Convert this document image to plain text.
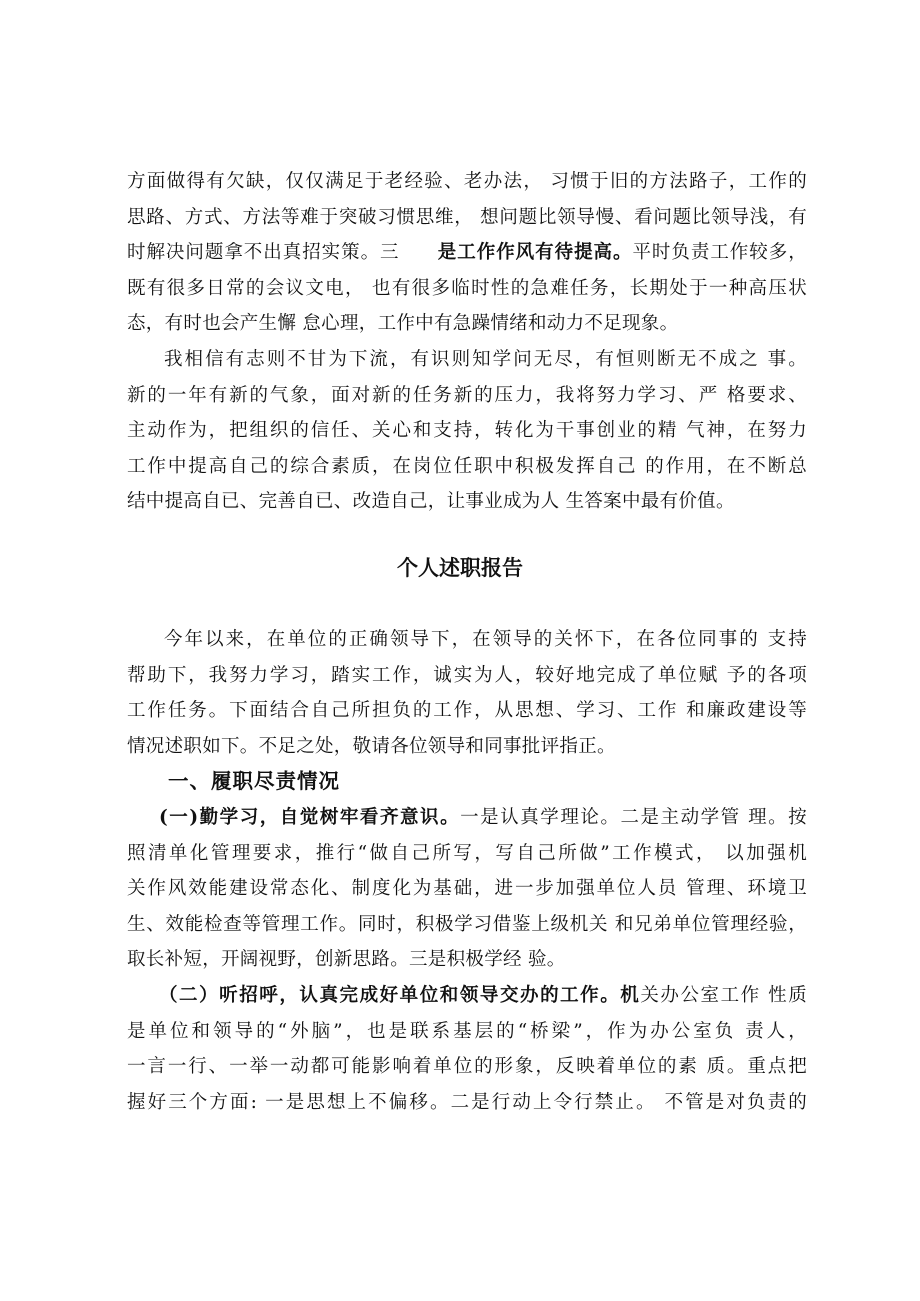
方面做得有欠缺，仅仅满足于老经验、老办法， 习惯于旧的方法路子，工作的
思路、方式、方法等难于突破习惯思维， 想问题比领导慢、看问题比领导浅，有
时解决问题拿不出真招实策。三   是工作作风有待提高。平时负责工作较多，
既有很多日常的会议文电， 也有很多临时性的急难任务，长期处于一种高压状
态，有时也会产生懈 怠心理，工作中有急躁情绪和动力不足现象。
我相信有志则不甘为下流，有识则知学问无尽，有恒则断无不成之 事。
新的一年有新的气象，面对新的任务新的压力，我将努力学习、严 格要求、
主动作为，把组织的信任、关心和支持，转化为干事创业的精 气神，在努力
工作中提高自己的综合素质，在岗位任职中积极发挥自己 的作用，在不断总
结中提高自已、完善自已、改造自己，让事业成为人 生答案中最有价值。
个人述职报告
今年以来，在单位的正确领导下，在领导的关怀下，在各位同事的 支持
帮助下，我努力学习，踏实工作，诚实为人，较好地完成了单位赋 予的各项
工作任务。下面结合自己所担负的工作，从思想、学习、工作 和廉政建设等
情况述职如下。不足之处，敬请各位领导和同事批评指正。
一、履职尽责情况
(一)勤学习，自觉树牢看齐意识。一是认真学理论。二是主动学管 理。按
照清单化管理要求，推行“做自己所写，写自己所做”工作模式， 以加强机
关作风效能建设常态化、制度化为基础，进一步加强单位人员 管理、环境卫
生、效能检查等管理工作。同时，积极学习借鉴上级机关 和兄弟单位管理经验，
取长补短，开阔视野，创新思路。三是积极学经 验。
（二）听招呼，认真完成好单位和领导交办的工作。机关办公室工作 性质
是单位和领导的“外脑”，也是联系基层的“桥梁”，作为办公室负 责人，
一言一行、一举一动都可能影响着单位的形象，反映着单位的素 质。重点把
握好三个方面: 一是思想上不偏移。二是行动上令行禁止。 不管是对负责的
